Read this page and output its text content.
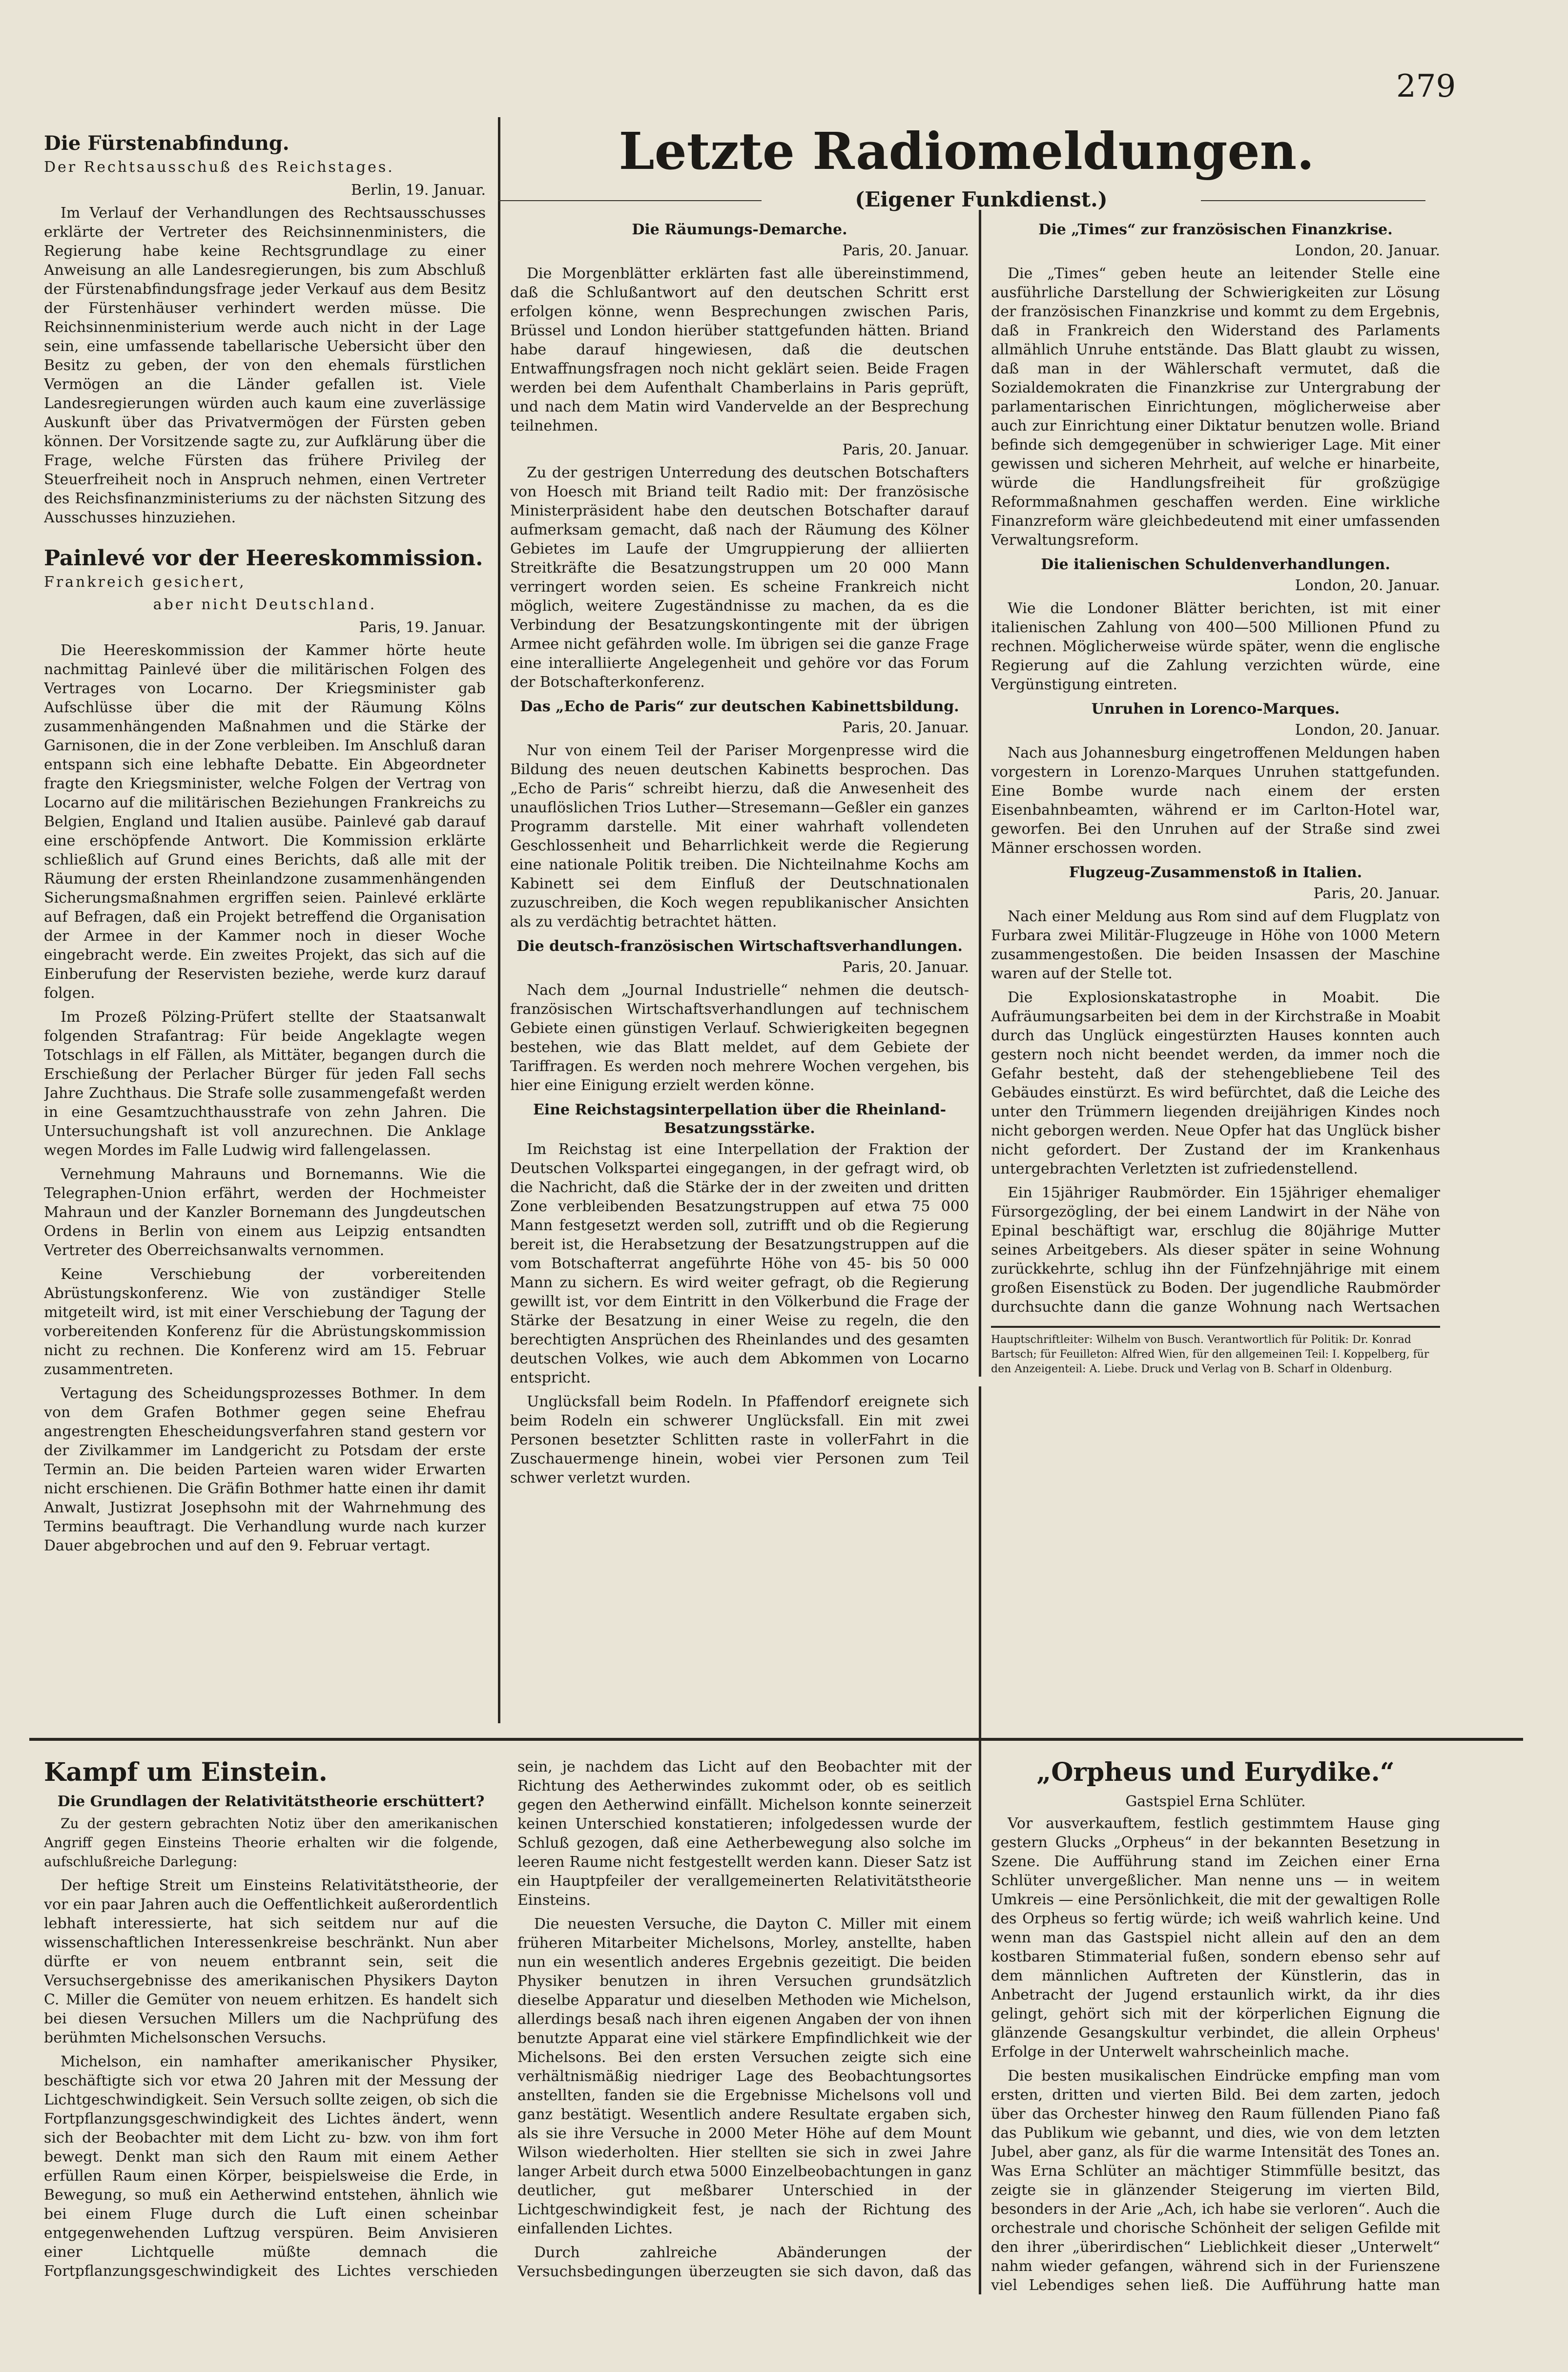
279
Letzte Radiomeldungen.
Die Fürstenabfindung.
Der Rechtsausschuß des Reichstages.
Berlin, 19. Januar.

Im Verlauf der Verhandlungen des Rechtsausschusses erklärte der Vertreter des Reichsinnenministers, die Regierung habe keine Rechtsgrundlage zu einer Anweisung an alle Landesregierungen, bis zum Abschluß der Fürstenabfindungsfrage jeder Verkauf aus dem Besitz der Fürstenhäuser verhindert werden müsse. Die Reichsinnenministerium werde auch nicht in der Lage sein, eine umfassende tabellarische Uebersicht über den Besitz zu geben, der von den ehemals fürstlichen Vermögen an die Länder gefallen ist. Viele Landesregierungen würden auch kaum eine zuverlässige Auskunft über das Privatvermögen der Fürsten geben können. Der Vorsitzende sagte zu, zur Aufklärung über die Frage, welche Fürsten das frühere Privileg der Steuerfreiheit noch in Anspruch nehmen, einen Vertreter des Reichsfinanzministeriums zu der nächsten Sitzung des Ausschusses hinzuziehen.

Painlevé vor der Heereskommission.
Frankreich gesichert,
aber nicht Deutschland.
Paris, 19. Januar.

Die Heereskommission der Kammer hörte heute nachmittag Painlevé über die militärischen Folgen des Vertrages von Locarno. Der Kriegsminister gab Aufschlüsse über die mit der Räumung Kölns zusammenhängenden Maßnahmen und die Stärke der Garnisonen, die in der Zone verbleiben. Im Anschluß daran entspann sich eine lebhafte Debatte. Ein Abgeordneter fragte den Kriegsminister, welche Folgen der Vertrag von Locarno auf die militärischen Beziehungen Frankreichs zu Belgien, England und Italien ausübe. Painlevé gab darauf eine erschöpfende Antwort. Die Kommission erklärte schließlich auf Grund eines Berichts, daß alle mit der Räumung der ersten Rheinlandzone zusammenhängenden Sicherungsmaßnahmen ergriffen seien. Painlevé erklärte auf Befragen, daß ein Projekt betreffend die Organisation der Armee in der Kammer noch in dieser Woche eingebracht werde. Ein zweites Projekt, das sich auf die Einberufung der Reservisten beziehe, werde kurz darauf folgen.

Im Prozeß Pölzing-Prüfert stellte der Staatsanwalt folgenden Strafantrag: Für beide Angeklagte wegen Totschlags in elf Fällen, als Mittäter, begangen durch die Erschießung der Perlacher Bürger für jeden Fall sechs Jahre Zuchthaus. Die Strafe solle zusammengefaßt werden in eine Gesamtzuchthausstrafe von zehn Jahren. Die Untersuchungshaft ist voll anzurechnen. Die Anklage wegen Mordes im Falle Ludwig wird fallengelassen.

Vernehmung Mahrauns und Bornemanns. Wie die Telegraphen-Union erfährt, werden der Hochmeister Mahraun und der Kanzler Bornemann des Jungdeutschen Ordens in Berlin von einem aus Leipzig entsandten Vertreter des Oberreichsanwalts vernommen.

Keine Verschiebung der vorbereitenden Abrüstungskonferenz. Wie von zuständiger Stelle mitgeteilt wird, ist mit einer Verschiebung der Tagung der vorbereitenden Konferenz für die Abrüstungskommission nicht zu rechnen. Die Konferenz wird am 15. Februar zusammentreten.

Vertagung des Scheidungsprozesses Bothmer. In dem von dem Grafen Bothmer gegen seine Ehefrau angestrengten Ehescheidungsverfahren stand gestern vor der Zivilkammer im Landgericht zu Potsdam der erste Termin an. Die beiden Parteien waren wider Erwarten nicht erschienen. Die Gräfin Bothmer hatte einen ihr damit Anwalt, Justizrat Josephsohn mit der Wahrnehmung des Termins beauftragt. Die Verhandlung wurde nach kurzer Dauer abgebrochen und auf den 9. Februar vertagt.

Die Räumungs-Demarche.
Paris, 20. Januar.

Die Morgenblätter erklärten fast alle übereinstimmend, daß die Schlußantwort auf den deutschen Schritt erst erfolgen könne, wenn Besprechungen zwischen Paris, Brüssel und London hierüber stattgefunden hätten. Briand habe darauf hingewiesen, daß die deutschen Entwaffnungsfragen noch nicht geklärt seien. Beide Fragen werden bei dem Aufenthalt Chamberlains in Paris geprüft, und nach dem Matin wird Vandervelde an der Besprechung teilnehmen.

Paris, 20. Januar.

Zu der gestrigen Unterredung des deutschen Botschafters von Hoesch mit Briand teilt Radio mit: Der französische Ministerpräsident habe den deutschen Botschafter darauf aufmerksam gemacht, daß nach der Räumung des Kölner Gebietes im Laufe der Umgruppierung der alliierten Streitkräfte die Besatzungstruppen um 20 000 Mann verringert worden seien. Es scheine Frankreich nicht möglich, weitere Zugeständnisse zu machen, da es die Verbindung der Besatzungskontingente mit der übrigen Armee nicht gefährden wolle. Im übrigen sei die ganze Frage eine interalliierte Angelegenheit und gehöre vor das Forum der Botschafterkonferenz.

Das „Echo de Paris“ zur deutschen Kabinettsbildung.
Paris, 20. Januar.

Nur von einem Teil der Pariser Morgenpresse wird die Bildung des neuen deutschen Kabinetts besprochen. Das „Echo de Paris“ schreibt hierzu, daß die Anwesenheit des unauflöslichen Trios Luther—Stresemann—Geßler ein ganzes Programm darstelle. Mit einer wahrhaft vollendeten Geschlossenheit und Beharrlichkeit werde die Regierung eine nationale Politik treiben. Die Nichteilnahme Kochs am Kabinett sei dem Einfluß der Deutschnationalen zuzuschreiben, die Koch wegen republikanischer Ansichten als zu verdächtig betrachtet hätten.

Die deutsch-französischen Wirtschaftsverhandlungen.
Paris, 20. Januar.

Nach dem „Journal Industrielle“ nehmen die deutsch-französischen Wirtschaftsverhandlungen auf technischem Gebiete einen günstigen Verlauf. Schwierigkeiten begegnen bestehen, wie das Blatt meldet, auf dem Gebiete der Tariffragen. Es werden noch mehrere Wochen vergehen, bis hier eine Einigung erzielt werden könne.

Eine Reichstagsinterpellation über die Rheinland-Besatzungsstärke.

Im Reichstag ist eine Interpellation der Fraktion der Deutschen Volkspartei eingegangen, in der gefragt wird, ob die Nachricht, daß die Stärke der in der zweiten und dritten Zone verbleibenden Besatzungstruppen auf etwa 75 000 Mann festgesetzt werden soll, zutrifft und ob die Regierung bereit ist, die Herabsetzung der Besatzungstruppen auf die vom Botschafterrat angeführte Höhe von 45- bis 50 000 Mann zu sichern. Es wird weiter gefragt, ob die Regierung gewillt ist, vor dem Eintritt in den Völkerbund die Frage der Stärke der Besatzung in einer Weise zu regeln, die den berechtigten Ansprüchen des Rheinlandes und des gesamten deutschen Volkes, wie auch dem Abkommen von Locarno entspricht.

Unglücksfall beim Rodeln. In Pfaffendorf ereignete sich beim Rodeln ein schwerer Unglücksfall. Ein mit zwei Personen besetzter Schlitten raste in vollerFahrt in die Zuschauermenge hinein, wobei vier Personen zum Teil schwer verletzt wurden.

(Eigener Funkdienst.)
Die „Times“ zur französischen Finanzkrise.
London, 20. Januar.

Die „Times“ geben heute an leitender Stelle eine ausführliche Darstellung der Schwierigkeiten zur Lösung der französischen Finanzkrise und kommt zu dem Ergebnis, daß in Frankreich den Widerstand des Parlaments allmählich Unruhe entstände. Das Blatt glaubt zu wissen, daß man in der Wählerschaft vermutet, daß die Sozialdemokraten die Finanzkrise zur Untergrabung der parlamentarischen Einrichtungen, möglicherweise aber auch zur Einrichtung einer Diktatur benutzen wolle. Briand befinde sich demgegenüber in schwieriger Lage. Mit einer gewissen und sicheren Mehrheit, auf welche er hinarbeite, würde die Handlungsfreiheit für großzügige Reformmaßnahmen geschaffen werden. Eine wirkliche Finanzreform wäre gleichbedeutend mit einer umfassenden Verwaltungsreform.

Die italienischen Schuldenverhandlungen.
London, 20. Januar.

Wie die Londoner Blätter berichten, ist mit einer italienischen Zahlung von 400—500 Millionen Pfund zu rechnen. Möglicherweise würde später, wenn die englische Regierung auf die Zahlung verzichten würde, eine Vergünstigung eintreten.

Unruhen in Lorenco-Marques.
London, 20. Januar.

Nach aus Johannesburg eingetroffenen Meldungen haben vorgestern in Lorenzo-Marques Unruhen stattgefunden. Eine Bombe wurde nach einem der ersten Eisenbahnbeamten, während er im Carlton-Hotel war, geworfen. Bei den Unruhen auf der Straße sind zwei Männer erschossen worden.

Flugzeug-Zusammenstoß in Italien.
Paris, 20. Januar.

Nach einer Meldung aus Rom sind auf dem Flugplatz von Furbara zwei Militär-Flugzeuge in Höhe von 1000 Metern zusammengestoßen. Die beiden Insassen der Maschine waren auf der Stelle tot.

Die Explosionskatastrophe in Moabit. Die Aufräumungsarbeiten bei dem in der Kirchstraße in Moabit durch das Unglück eingestürzten Hauses konnten auch gestern noch nicht beendet werden, da immer noch die Gefahr besteht, daß der stehengebliebene Teil des Gebäudes einstürzt. Es wird befürchtet, daß die Leiche des unter den Trümmern liegenden dreijährigen Kindes noch nicht geborgen werden. Neue Opfer hat das Unglück bisher nicht gefordert. Der Zustand der im Krankenhaus untergebrachten Verletzten ist zufriedenstellend.

Ein 15jähriger Raubmörder. Ein 15jähriger ehemaliger Fürsorgezögling, der bei einem Landwirt in der Nähe von Epinal beschäftigt war, erschlug die 80jährige Mutter seines Arbeitgebers. Als dieser später in seine Wohnung zurückkehrte, schlug ihn der Fünfzehnjährige mit einem großen Eisenstück zu Boden. Der jugendliche Raubmörder durchsuchte dann die ganze Wohnung nach Wertsachen

Hauptschriftleiter: Wilhelm von Busch. Verantwortlich für Politik: Dr. Konrad Bartsch; für Feuilleton: Alfred Wien, für den allgemeinen Teil: I. Koppelberg, für den Anzeigenteil: A. Liebe. Druck und Verlag von B. Scharf in Oldenburg.
Kampf um Einstein.
Die Grundlagen der Relativitätstheorie erschüttert?

Zu der gestern gebrachten Notiz über den amerikanischen Angriff gegen Einsteins Theorie erhalten wir die folgende, aufschlußreiche Darlegung:

Der heftige Streit um Einsteins Relativitätstheorie, der vor ein paar Jahren auch die Oeffentlichkeit außerordentlich lebhaft interessierte, hat sich seitdem nur auf die wissenschaftlichen Interessenkreise beschränkt. Nun aber dürfte er von neuem entbrannt sein, seit die Versuchsergebnisse des amerikanischen Physikers Dayton C. Miller die Gemüter von neuem erhitzen. Es handelt sich bei diesen Versuchen Millers um die Nachprüfung des berühmten Michelsonschen Versuchs.

Michelson, ein namhafter amerikanischer Physiker, beschäftigte sich vor etwa 20 Jahren mit der Messung der Lichtgeschwindigkeit. Sein Versuch sollte zeigen, ob sich die Fortpflanzungsgeschwindigkeit des Lichtes ändert, wenn sich der Beobachter mit dem Licht zu- bzw. von ihm fort bewegt. Denkt man sich den Raum mit einem Aether erfüllen Raum einen Körper, beispielsweise die Erde, in Bewegung, so muß ein Aetherwind entstehen, ähnlich wie bei einem Fluge durch die Luft einen scheinbar entgegenwehenden Luftzug verspüren. Beim Anvisieren einer Lichtquelle müßte demnach die Fortpflanzungsgeschwindigkeit des Lichtes verschieden sein, je nachdem das Licht auf den Beobachter mit der Richtung des Aetherwindes zukommt oder, ob es seitlich gegen den Aetherwind einfällt. Michelson konnte seinerzeit keinen Unterschied konstatieren; infolgedessen wurde der Schluß gezogen, daß eine Aetherbewegung also solche im leeren Raume nicht festgestellt werden kann. Dieser Satz ist ein Hauptpfeiler der verallgemeinerten Relativitätstheorie Einsteins.

Die neuesten Versuche, die Dayton C. Miller mit einem früheren Mitarbeiter Michelsons, Morley, anstellte, haben nun ein wesentlich anderes Ergebnis gezeitigt. Die beiden Physiker benutzen in ihren Versuchen grundsätzlich dieselbe Apparatur und dieselben Methoden wie Michelson, allerdings besaß nach ihren eigenen Angaben der von ihnen benutzte Apparat eine viel stärkere Empfindlichkeit wie der Michelsons. Bei den ersten Versuchen zeigte sich eine verhältnismäßig niedriger Lage des Beobachtungsortes anstellten, fanden sie die Ergebnisse Michelsons voll und ganz bestätigt. Wesentlich andere Resultate ergaben sich, als sie ihre Versuche in 2000 Meter Höhe auf dem Mount Wilson wiederholten. Hier stellten sie sich in zwei Jahre langer Arbeit durch etwa 5000 Einzelbeobachtungen in ganz deutlicher, gut meßbarer Unterschied in der Lichtgeschwindigkeit fest, je nach der Richtung des einfallenden Lichtes.

Durch zahlreiche Abänderungen der Versuchsbedingungen überzeugten sie sich davon, daß das

„Orpheus und Eurydike.“
Gastspiel Erna Schlüter.

Vor ausverkauftem, festlich gestimmtem Hause ging gestern Glucks „Orpheus“ in der bekannten Besetzung in Szene. Die Aufführung stand im Zeichen einer Erna Schlüter unvergeßlicher. Man nenne uns — in weitem Umkreis — eine Persönlichkeit, die mit der gewaltigen Rolle des Orpheus so fertig würde; ich weiß wahrlich keine. Und wenn man das Gastspiel nicht allein auf den an dem kostbaren Stimmaterial fußen, sondern ebenso sehr auf dem männlichen Auftreten der Künstlerin, das in Anbetracht der Jugend erstaunlich wirkt, da ihr dies gelingt, gehört sich mit der körperlichen Eignung die glänzende Gesangskultur verbindet, die allein Orpheus' Erfolge in der Unterwelt wahrscheinlich mache.

Die besten musikalischen Eindrücke empfing man vom ersten, dritten und vierten Bild. Bei dem zarten, jedoch über das Orchester hinweg den Raum füllenden Piano faß das Publikum wie gebannt, und dies, wie von dem letzten Jubel, aber ganz, als für die warme Intensität des Tones an. Was Erna Schlüter an mächtiger Stimmfülle besitzt, das zeigte sie in glänzender Steigerung im vierten Bild, besonders in der Arie „Ach, ich habe sie verloren“. Auch die orchestrale und chorische Schönheit der seligen Gefilde mit den ihrer „überirdischen“ Lieblichkeit dieser „Unterwelt“ nahm wieder gefangen, während sich in der Furienszene viel Lebendiges sehen ließ. Die Aufführung hatte man
